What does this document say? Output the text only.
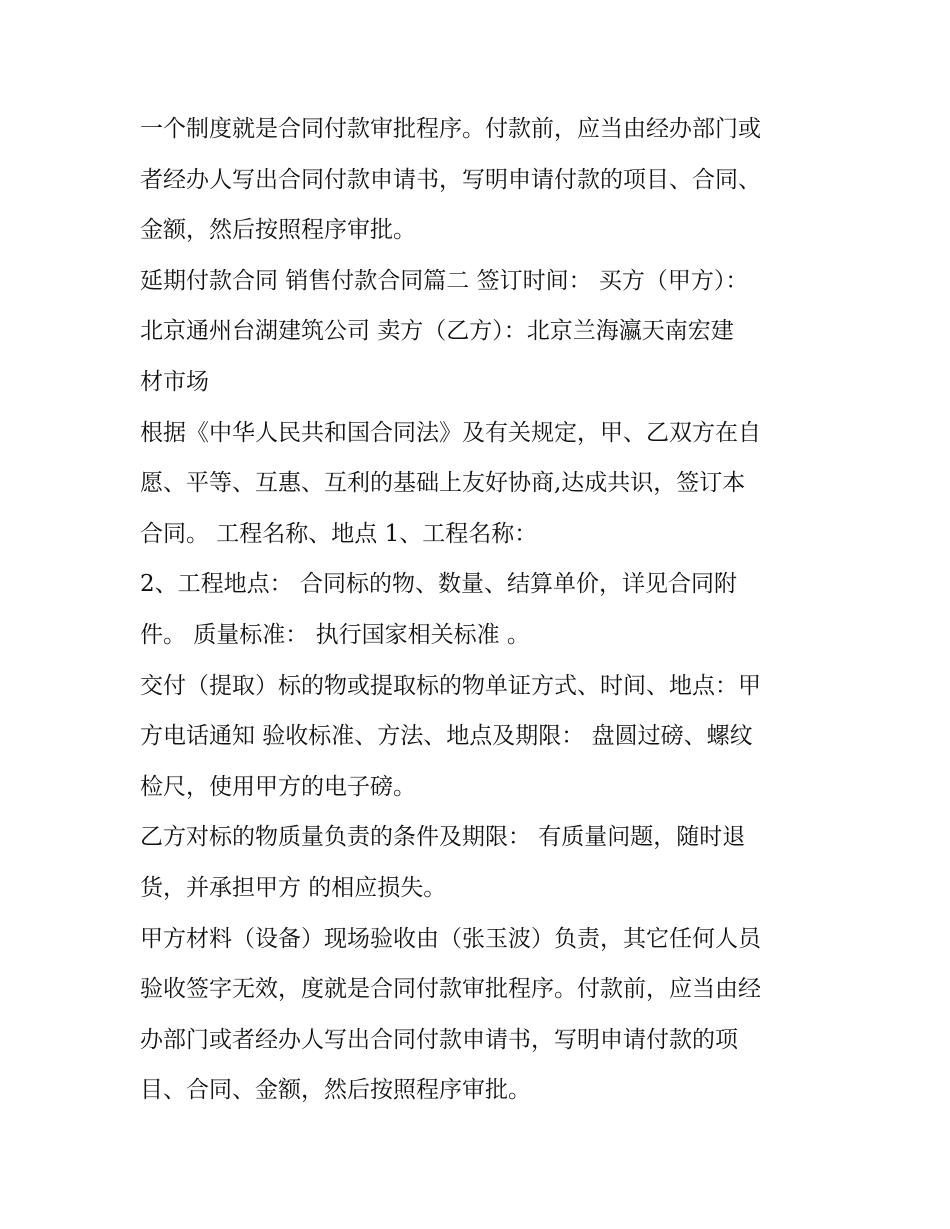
一个制度就是合同付款审批程序。付款前，应当由经办部门或
者经办人写出合同付款申请书，写明申请付款的项目、合同、
金额，然后按照程序审批。
延期付款合同 销售付款合同篇二 签订时间： 买方（甲方）：
北京通州台湖建筑公司 卖方（乙方）：北京兰海瀛天南宏建
材市场
根据《中华人民共和国合同法》及有关规定，甲、乙双方在自
愿、平等、互惠、互利的基础上友好协商,达成共识，签订本
合同。 工程名称、地点 1、工程名称：
2、工程地点： 合同标的物、数量、结算单价，详见合同附
件。 质量标准： 执行国家相关标准 。
交付（提取）标的物或提取标的物单证方式、时间、地点：甲
方电话通知 验收标准、方法、地点及期限： 盘圆过磅、螺纹
检尺，使用甲方的电子磅。
乙方对标的物质量负责的条件及期限： 有质量问题，随时退
货，并承担甲方 的相应损失。
甲方材料（设备）现场验收由（张玉波）负责，其它任何人员
验收签字无效，度就是合同付款审批程序。付款前，应当由经
办部门或者经办人写出合同付款申请书，写明申请付款的项
目、合同、金额，然后按照程序审批。
